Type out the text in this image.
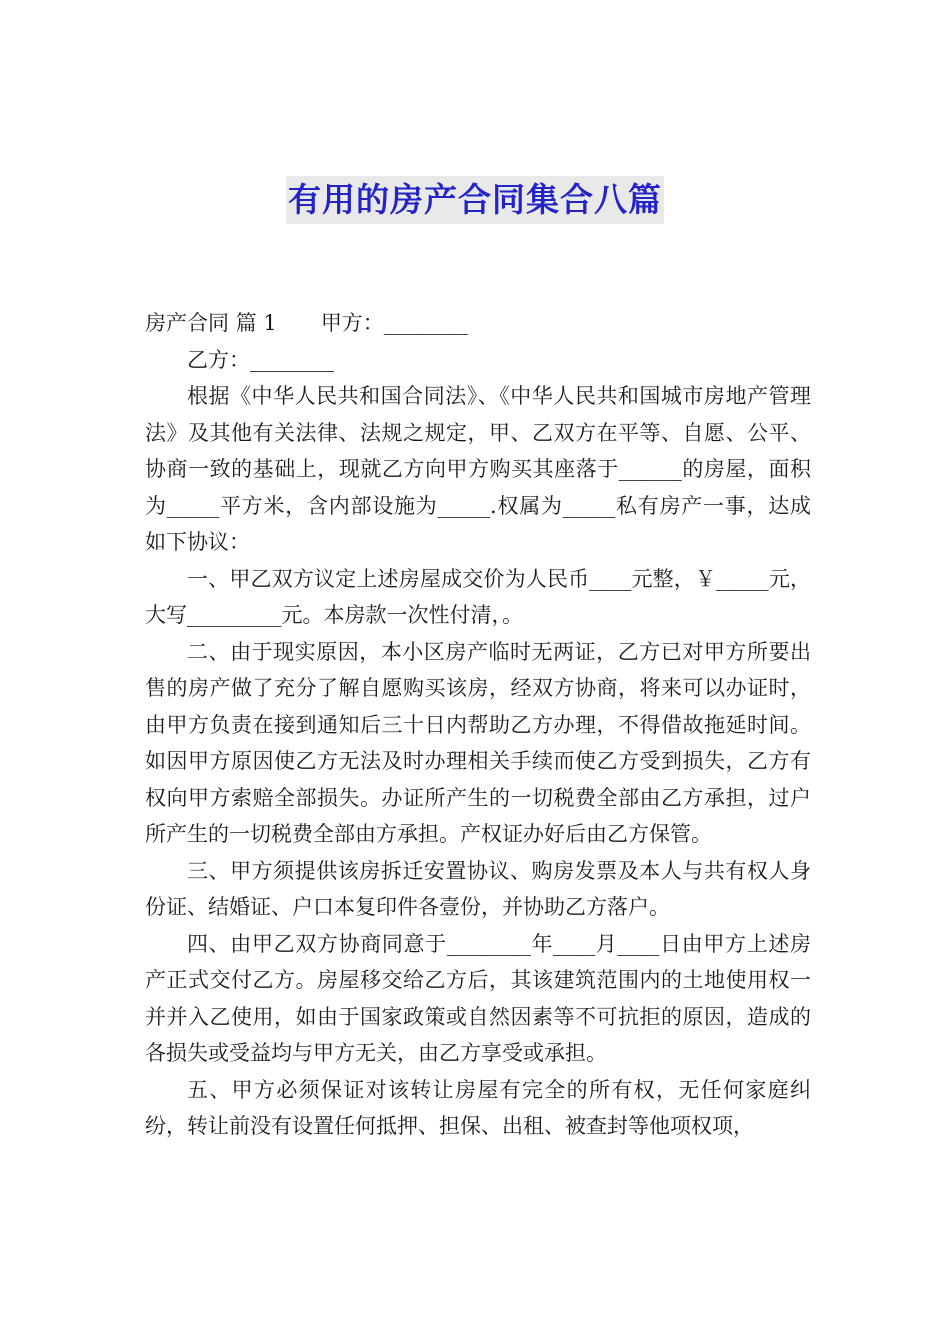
有用的房产合同集合八篇

房产合同 篇 1 甲方：________

乙方：________

根据《中华人民共和国合同法》、《中华人民共和国城市房地产管理法》及其他有关法律、法规之规定，甲、乙双方在平等、自愿、公平、协商一致的基础上，现就乙方向甲方购买其座落于______的房屋，面积为_____平方米，含内部设施为_____.权属为_____私有房产一事，达成如下协议：

一、甲乙双方议定上述房屋成交价为人民币____元整，￥_____元，大写_________元。本房款一次性付清，。

二、由于现实原因，本小区房产临时无两证，乙方已对甲方所要出售的房产做了充分了解自愿购买该房，经双方协商，将来可以办证时，由甲方负责在接到通知后三十日内帮助乙方办理，不得借故拖延时间。如因甲方原因使乙方无法及时办理相关手续而使乙方受到损失，乙方有权向甲方索赔全部损失。办证所产生的一切税费全部由乙方承担，过户所产生的一切税费全部由方承担。产权证办好后由乙方保管。

三、甲方须提供该房拆迁安置协议、购房发票及本人与共有权人身份证、结婚证、户口本复印件各壹份，并协助乙方落户。

四、由甲乙双方协商同意于________年____月____日由甲方上述房产正式交付乙方。房屋移交给乙方后，其该建筑范围内的土地使用权一并并入乙使用，如由于国家政策或自然因素等不可抗拒的原因，造成的各损失或受益均与甲方无关，由乙方享受或承担。

五、甲方必须保证对该转让房屋有完全的所有权，无任何家庭纠纷，转让前没有设置任何抵押、担保、出租、被查封等他项权项，
